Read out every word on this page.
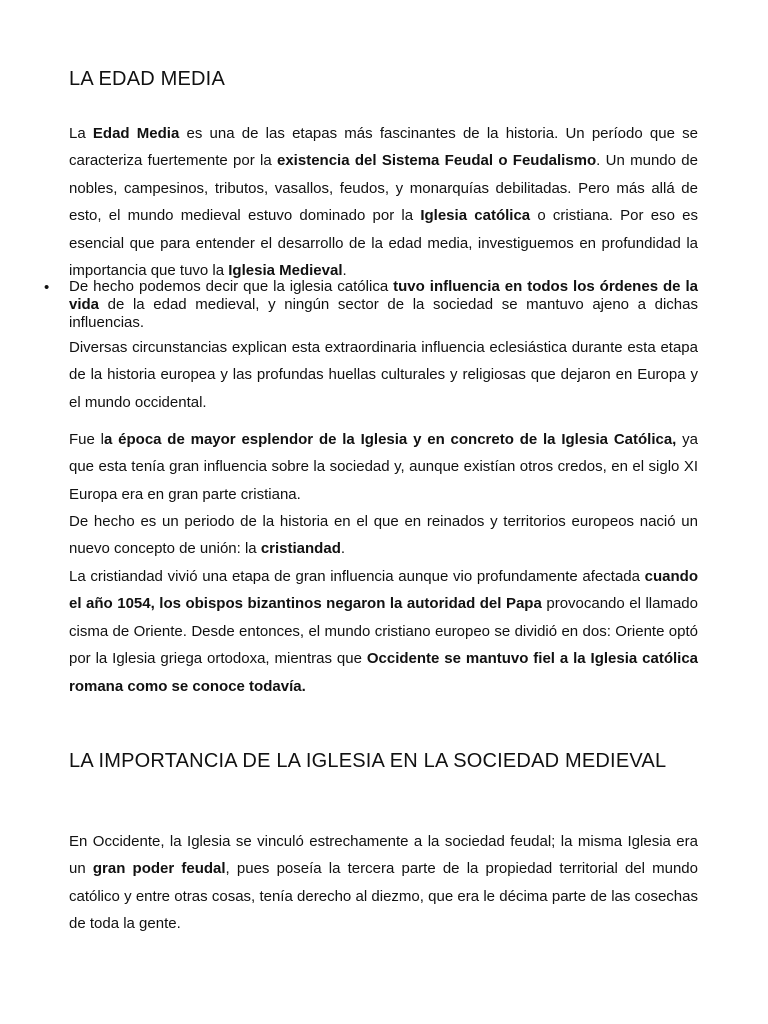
LA EDAD MEDIA

La Edad Media es una de las etapas más fascinantes de la historia. Un período que se caracteriza fuertemente por la existencia del Sistema Feudal o Feudalismo. Un mundo de nobles, campesinos, tributos, vasallos, feudos, y monarquías debilitadas. Pero más allá de esto, el mundo medieval estuvo dominado por la Iglesia católica o cristiana. Por eso es esencial que para entender el desarrollo de la edad media, investiguemos en profundidad la importancia que tuvo la Iglesia Medieval.

• De hecho podemos decir que la iglesia católica tuvo influencia en todos los órdenes de la vida de la edad medieval, y ningún sector de la sociedad se mantuvo ajeno a dichas influencias.

Diversas circunstancias explican esta extraordinaria influencia eclesiástica durante esta etapa de la historia europea y las profundas huellas culturales y religiosas que dejaron en Europa y el mundo occidental.

Fue la época de mayor esplendor de la Iglesia y en concreto de la Iglesia Católica, ya que esta tenía gran influencia sobre la sociedad y, aunque existían otros credos, en el siglo XI Europa era en gran parte cristiana.

De hecho es un periodo de la historia en el que en reinados y territorios europeos nació un nuevo concepto de unión: la cristiandad.

La cristiandad vivió una etapa de gran influencia aunque vio profundamente afectada cuando el año 1054, los obispos bizantinos negaron la autoridad del Papa provocando el llamado cisma de Oriente. Desde entonces, el mundo cristiano europeo se dividió en dos: Oriente optó por la Iglesia griega ortodoxa, mientras que Occidente se mantuvo fiel a la Iglesia católica romana como se conoce todavía.

LA IMPORTANCIA DE LA IGLESIA EN LA SOCIEDAD MEDIEVAL

En Occidente, la Iglesia se vinculó estrechamente a la sociedad feudal; la misma Iglesia era un gran poder feudal, pues poseía la tercera parte de la propiedad territorial del mundo católico y entre otras cosas, tenía derecho al diezmo, que era le décima parte de las cosechas de toda la gente.
